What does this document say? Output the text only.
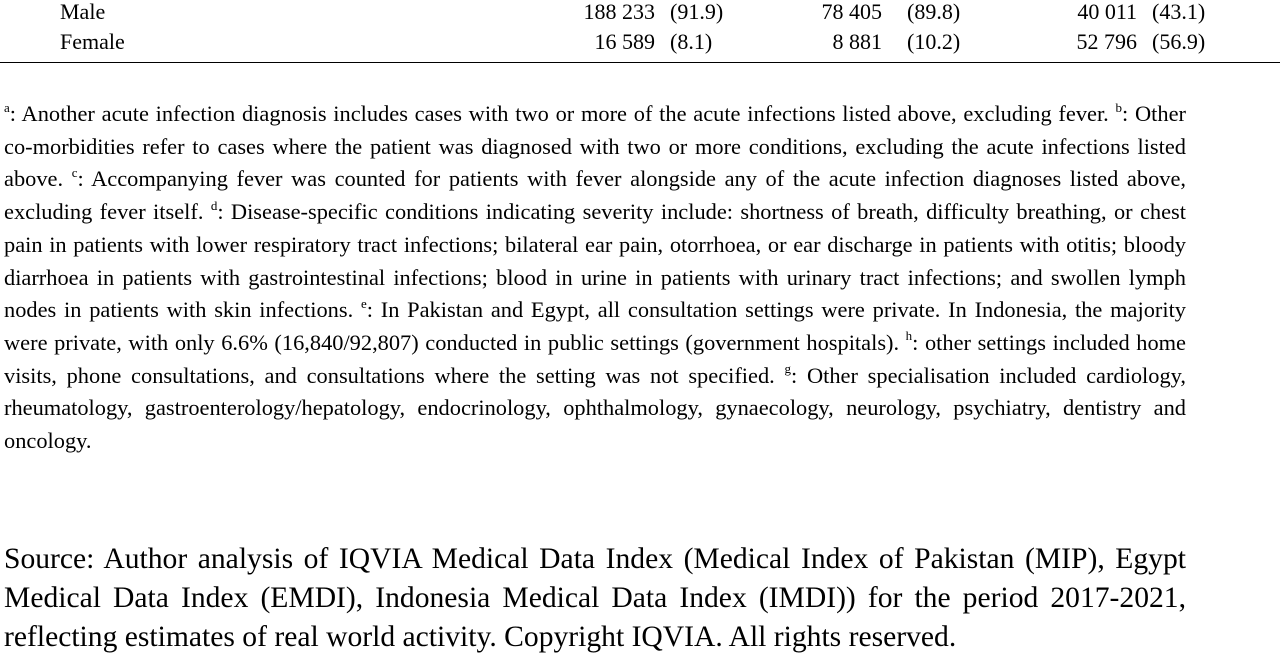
Male	188 233 (91.9)	78 405 (89.8)	40 011 (43.1)
Female	16 589 (8.1)	8 881 (10.2)	52 796 (56.9)
$^a$: Another acute infection diagnosis includes cases with two or more of the acute infections listed above, excluding fever. $^b$: Other co-morbidities refer to cases where the patient was diagnosed with two or more conditions, excluding the acute infections listed above. $^c$: Accompanying fever was counted for patients with fever alongside any of the acute infection diagnoses listed above, excluding fever itself. $^d$: Disease-specific conditions indicating severity include: shortness of breath, difficulty breathing, or chest pain in patients with lower respiratory tract infections; bilateral ear pain, otorrhoea, or ear discharge in patients with otitis; bloody diarrhoea in patients with gastrointestinal infections; blood in urine in patients with urinary tract infections; and swollen lymph nodes in patients with skin infections. $^e$: In Pakistan and Egypt, all consultation settings were private. In Indonesia, the majority were private, with only 6.6% (16,840/92,807) conducted in public settings (government hospitals). $^h$: other settings included home visits, phone consultations, and consultations where the setting was not specified. $^g$: Other specialisation included cardiology, rheumatology, gastroenterology/hepatology, endocrinology, ophthalmology, gynaecology, neurology, psychiatry, dentistry and oncology.
Source: Author analysis of IQVIA Medical Data Index (Medical Index of Pakistan (MIP), Egypt Medical Data Index (EMDI), Indonesia Medical Data Index (IMDI)) for the period 2017-2021, reflecting estimates of real world activity. Copyright IQVIA. All rights reserved.
